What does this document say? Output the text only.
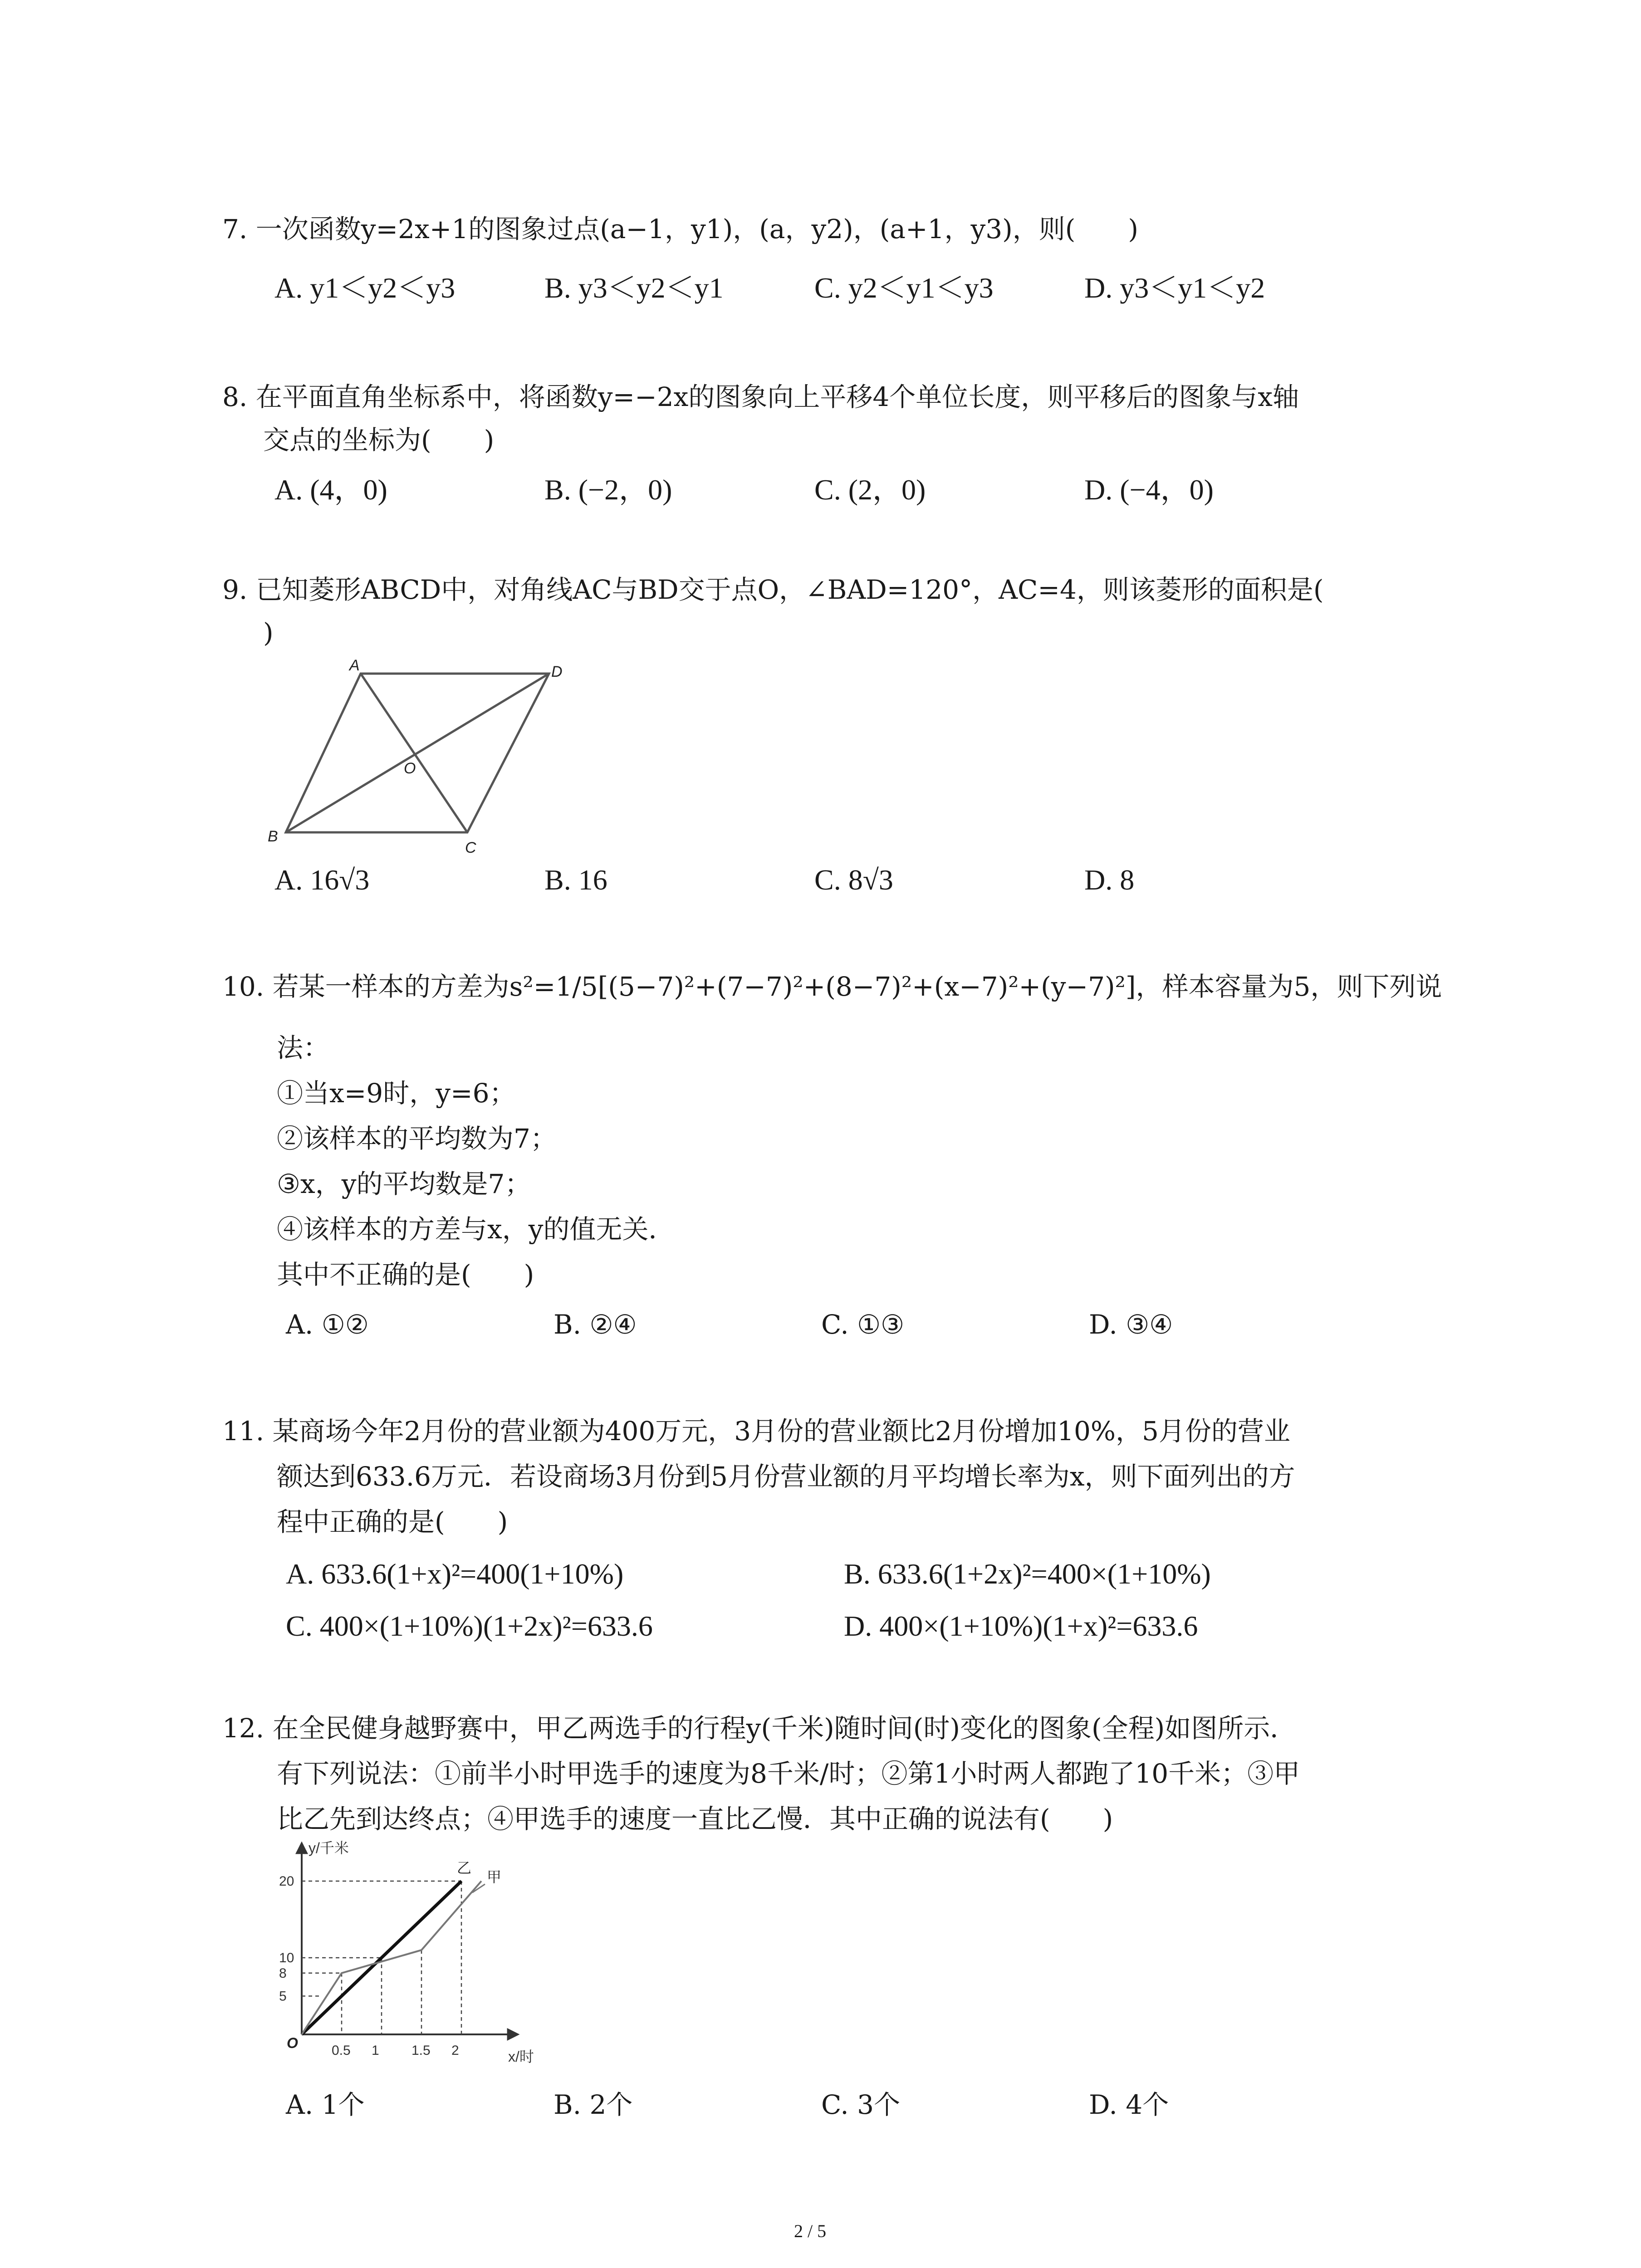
7. 一次函数y=2x+1的图象过点(a−1，y1)，(a，y2)，(a+1，y3)，则(　　)
A. y1＜y2＜y3	B. y3＜y2＜y1	C. y2＜y1＜y3	D. y3＜y1＜y2
8. 在平面直角坐标系中，将函数y=−2x的图象向上平移4个单位长度，则平移后的图象与x轴
交点的坐标为(　　)
A. (4，0)	B. (−2，0)	C. (2，0)	D. (−4，0)
9. 已知菱形ABCD中，对角线AC与BD交于点O，∠BAD=120°，AC=4，则该菱形的面积是(
)
A	D
B
C
O
A. 16√3	B. 16	C. 8√3	D. 8
10. 若某一样本的方差为s²=1/5[(5−7)²+(7−7)²+(8−7)²+(x−7)²+(y−7)²]，样本容量为5，则下列说
法：
①当x=9时，y=6；
②该样本的平均数为7；
③x，y的平均数是7；
④该样本的方差与x，y的值无关．
其中不正确的是(　　)
A. ①②	B. ②④	C. ①③	D. ③④
11. 某商场今年2月份的营业额为400万元，3月份的营业额比2月份增加10%，5月份的营业
额达到633.6万元．若设商场3月份到5月份营业额的月平均增长率为x，则下面列出的方
程中正确的是(　　)
A. 633.6(1+x)²=400(1+10%)	B. 633.6(1+2x)²=400×(1+10%)
C. 400×(1+10%)(1+2x)²=633.6	D. 400×(1+10%)(1+x)²=633.6
12. 在全民健身越野赛中，甲乙两选手的行程y(千米)随时间(时)变化的图象(全程)如图所示．
有下列说法：①前半小时甲选手的速度为8千米/时；②第1小时两人都跑了10千米；③甲
比乙先到达终点；④甲选手的速度一直比乙慢．其中正确的说法有(　　)
y/千米
x/时
O 0.5 1 1.5 2
5
8
10
20
乙
甲
A. 1个	B. 2个	C. 3个	D. 4个
2 / 5
